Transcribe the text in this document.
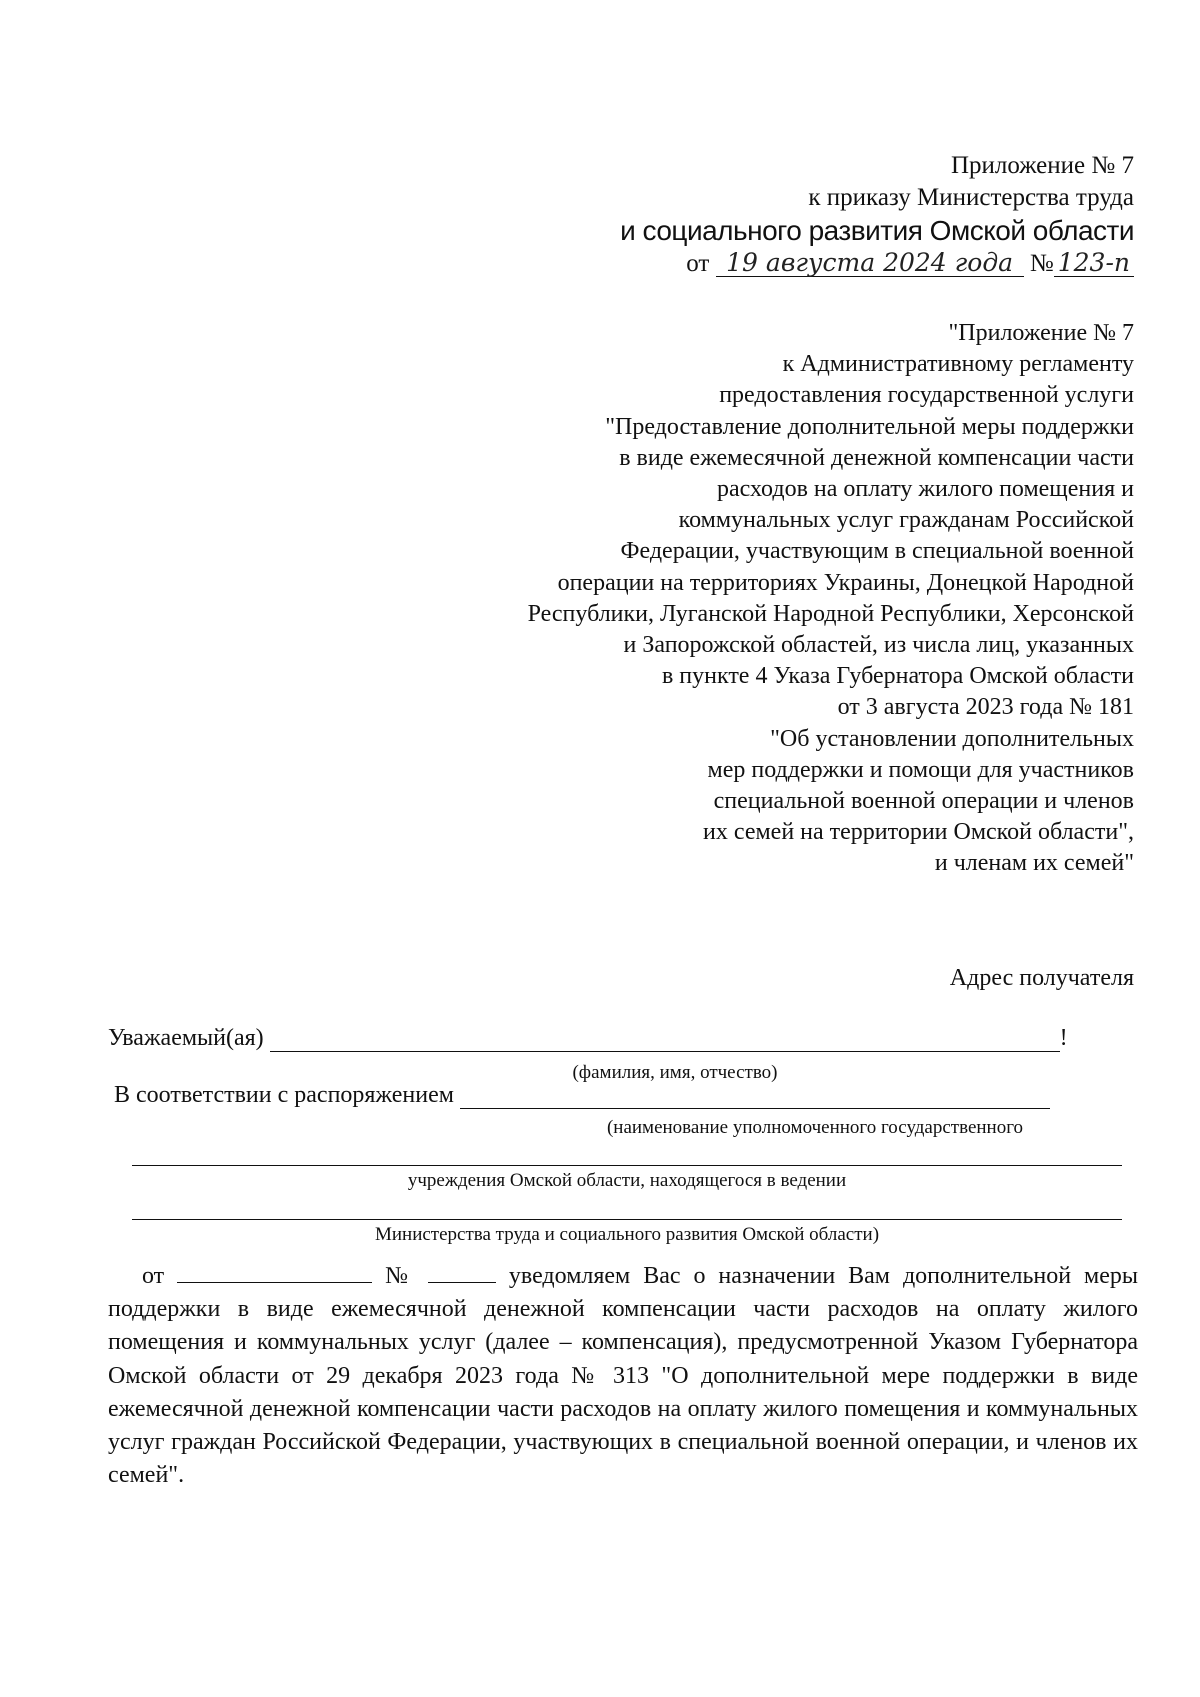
Приложение № 7
к приказу Министерства труда
и социального развития Омской области
от 19 августа 2024 года № 123-п
"Приложение № 7
к Административному регламенту
предоставления государственной услуги
"Предоставление дополнительной меры поддержки
в виде ежемесячной денежной компенсации части
расходов на оплату жилого помещения и
коммунальных услуг гражданам Российской
Федерации, участвующим в специальной военной
операции на территориях Украины, Донецкой Народной
Республики, Луганской Народной Республики, Херсонской
и Запорожской областей, из числа лиц, указанных
в пункте 4 Указа Губернатора Омской области
от 3 августа 2023 года № 181
"Об установлении дополнительных
мер поддержки и помощи для участников
специальной военной операции и членов
их семей на территории Омской области",
и членам их семей"
Адрес получателя
Уважаемый(ая)	!
(фамилия, имя, отчество)
В соответствии с распоряжением
(наименование уполномоченного государственного
учреждения Омской области, находящегося в ведении
Министерства труда и социального развития Омской области)
от	№	уведомляем Вас о назначении Вам дополнительной меры поддержки в виде ежемесячной денежной компенсации части расходов на оплату жилого помещения и коммунальных услуг (далее – компенсация), предусмотренной Указом Губернатора Омской области от 29 декабря 2023 года № 313 "О дополнительной мере поддержки в виде ежемесячной денежной компенсации части расходов на оплату жилого помещения и коммунальных услуг граждан Российской Федерации, участвующих в специальной военной операции, и членов их семей".
